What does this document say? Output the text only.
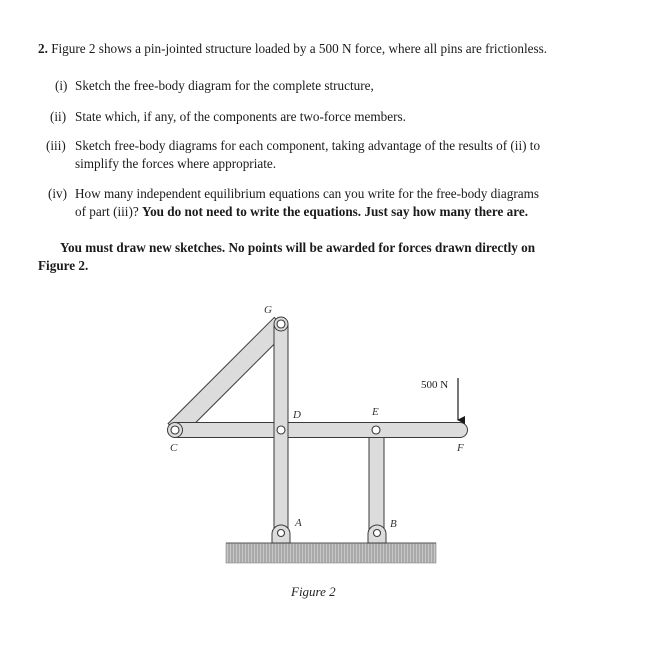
2. Figure 2 shows a pin-jointed structure loaded by a 500 N force, where all pins are frictionless.
(i) Sketch the free-body diagram for the complete structure,
(ii) State which, if any, of the components are two-force members.
(iii) Sketch free-body diagrams for each component, taking advantage of the results of (ii) to
simplify the forces where appropriate.
(iv) How many independent equilibrium equations can you write for the free-body diagrams
of part (iii)? You do not need to write the equations. Just say how many there are.
You must draw new sketches. No points will be awarded for forces drawn directly on
Figure 2.
500 N
G
C
D	E
F
A	B
Figure 2
